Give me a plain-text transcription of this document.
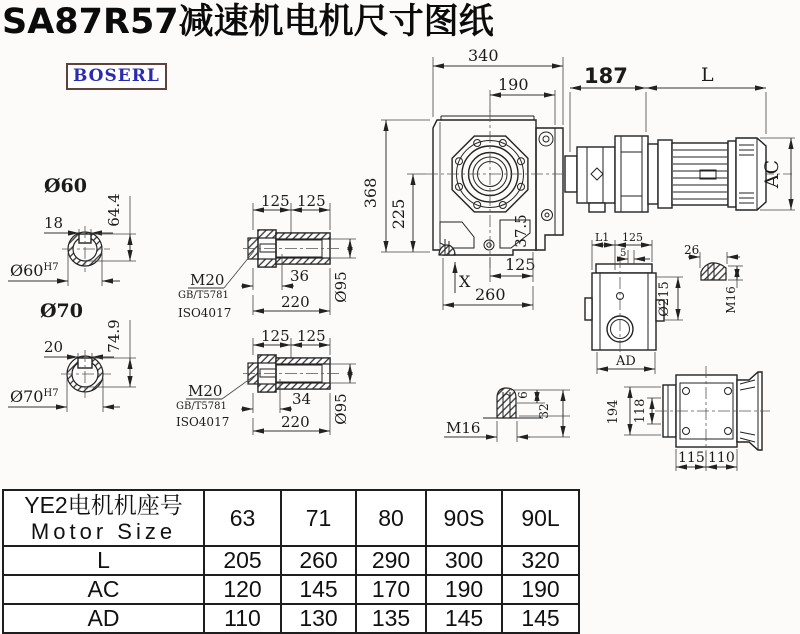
SA87R57减速机电机尺寸图纸
BOSERL
Ø60
18	64.4
$Ø60^{H7}$
Ø70
20	74.9
$Ø70^{H7}$
125 125
36
220 Ø95
M20
GB/T5781
ISO4017
125 125
34
220 Ø95
M20
GB/T5781
ISO4017
340
190
368
225
37.5
125
260
X
187	L
AC
L1 125
5
Ø215
AD
26
M16
M16
6
32	194 118
115 110
YE2电机机座号
Motor Size	63	71	80	90S	90L
L	205	260	290	300	320
AC	120	145	170	190	190
AD	110	130	135	145	145
